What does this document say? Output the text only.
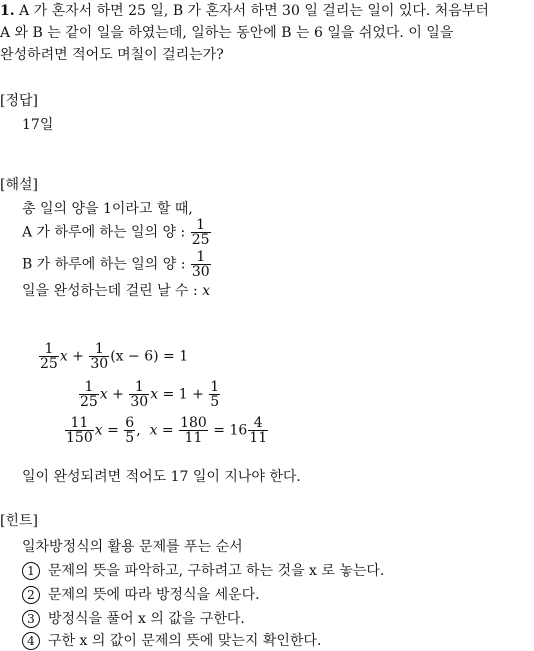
1. A 가 혼자서 하면 25 일, B 가 혼자서 하면 30 일 걸리는 일이 있다. 처음부터
A 와 B 는 같이 일을 하였는데, 일하는 동안에 B 는 6 일을 쉬었다. 이 일을
완성하려면 적어도 며칠이 걸리는가?
[정답]
17일
[해설]
총 일의 양을 1이라고 할 때,
A 가 하루에 하는 일의 양 : $\frac{1}{25}$
B 가 하루에 하는 일의 양 : $\frac{1}{30}$
일을 완성하는데 걸린 날 수 : x
$\frac{1}{25}$ $x + \frac{1}{30} (x - 6) = 1$
$\frac{1}{25}$ $x + \frac{1}{30}$ $x = 1 + \frac{1}{5}$
$\frac{11}{150}$ $x = \frac{6}{5}$ ,  $x = \frac{180}{11} = 16 \frac{4}{11}$
일이 완성되려면 적어도 17 일이 지나야 한다.
[힌트]
일차방정식의 활용 문제를 푸는 순서
1 문제의 뜻을 파악하고, 구하려고 하는 것을 x 로 놓는다.
2 문제의 뜻에 따라 방정식을 세운다.
3 방정식을 풀어 x 의 값을 구한다.
4 구한 x 의 값이 문제의 뜻에 맞는지 확인한다.
